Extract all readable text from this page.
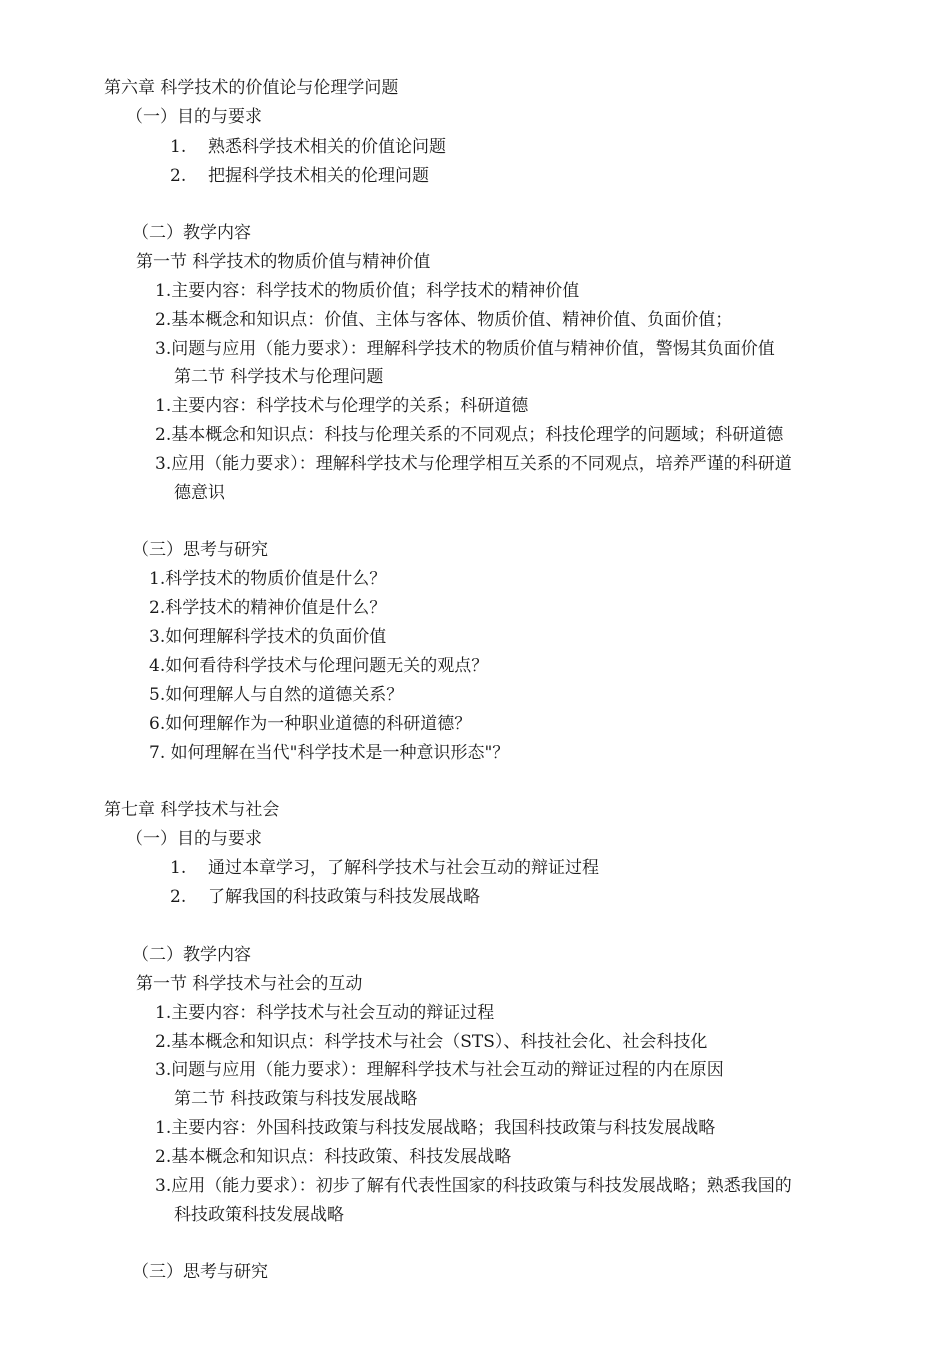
第六章 科学技术的价值论与伦理学问题
（一）目的与要求
1. 熟悉科学技术相关的价值论问题
2. 把握科学技术相关的伦理问题
（二）教学内容
第一节 科学技术的物质价值与精神价值
1.主要内容：科学技术的物质价值；科学技术的精神价值
2.基本概念和知识点：价值、主体与客体、物质价值、精神价值、负面价值；
3.问题与应用（能力要求）：理解科学技术的物质价值与精神价值，警惕其负面价值
第二节 科学技术与伦理问题
1.主要内容：科学技术与伦理学的关系；科研道德
2.基本概念和知识点：科技与伦理关系的不同观点；科技伦理学的问题域；科研道德
3.应用（能力要求）：理解科学技术与伦理学相互关系的不同观点，培养严谨的科研道
德意识
（三）思考与研究
1.科学技术的物质价值是什么？
2.科学技术的精神价值是什么？
3.如何理解科学技术的负面价值
4.如何看待科学技术与伦理问题无关的观点？
5.如何理解人与自然的道德关系？
6.如何理解作为一种职业道德的科研道德？
7. 如何理解在当代"科学技术是一种意识形态"？
第七章 科学技术与社会
（一）目的与要求
1. 通过本章学习，了解科学技术与社会互动的辩证过程
2. 了解我国的科技政策与科技发展战略
（二）教学内容
第一节 科学技术与社会的互动
1.主要内容：科学技术与社会互动的辩证过程
2.基本概念和知识点：科学技术与社会（STS）、科技社会化、社会科技化
3.问题与应用（能力要求）：理解科学技术与社会互动的辩证过程的内在原因
第二节 科技政策与科技发展战略
1.主要内容：外国科技政策与科技发展战略；我国科技政策与科技发展战略
2.基本概念和知识点：科技政策、科技发展战略
3.应用（能力要求）：初步了解有代表性国家的科技政策与科技发展战略；熟悉我国的
科技政策科技发展战略
（三）思考与研究
